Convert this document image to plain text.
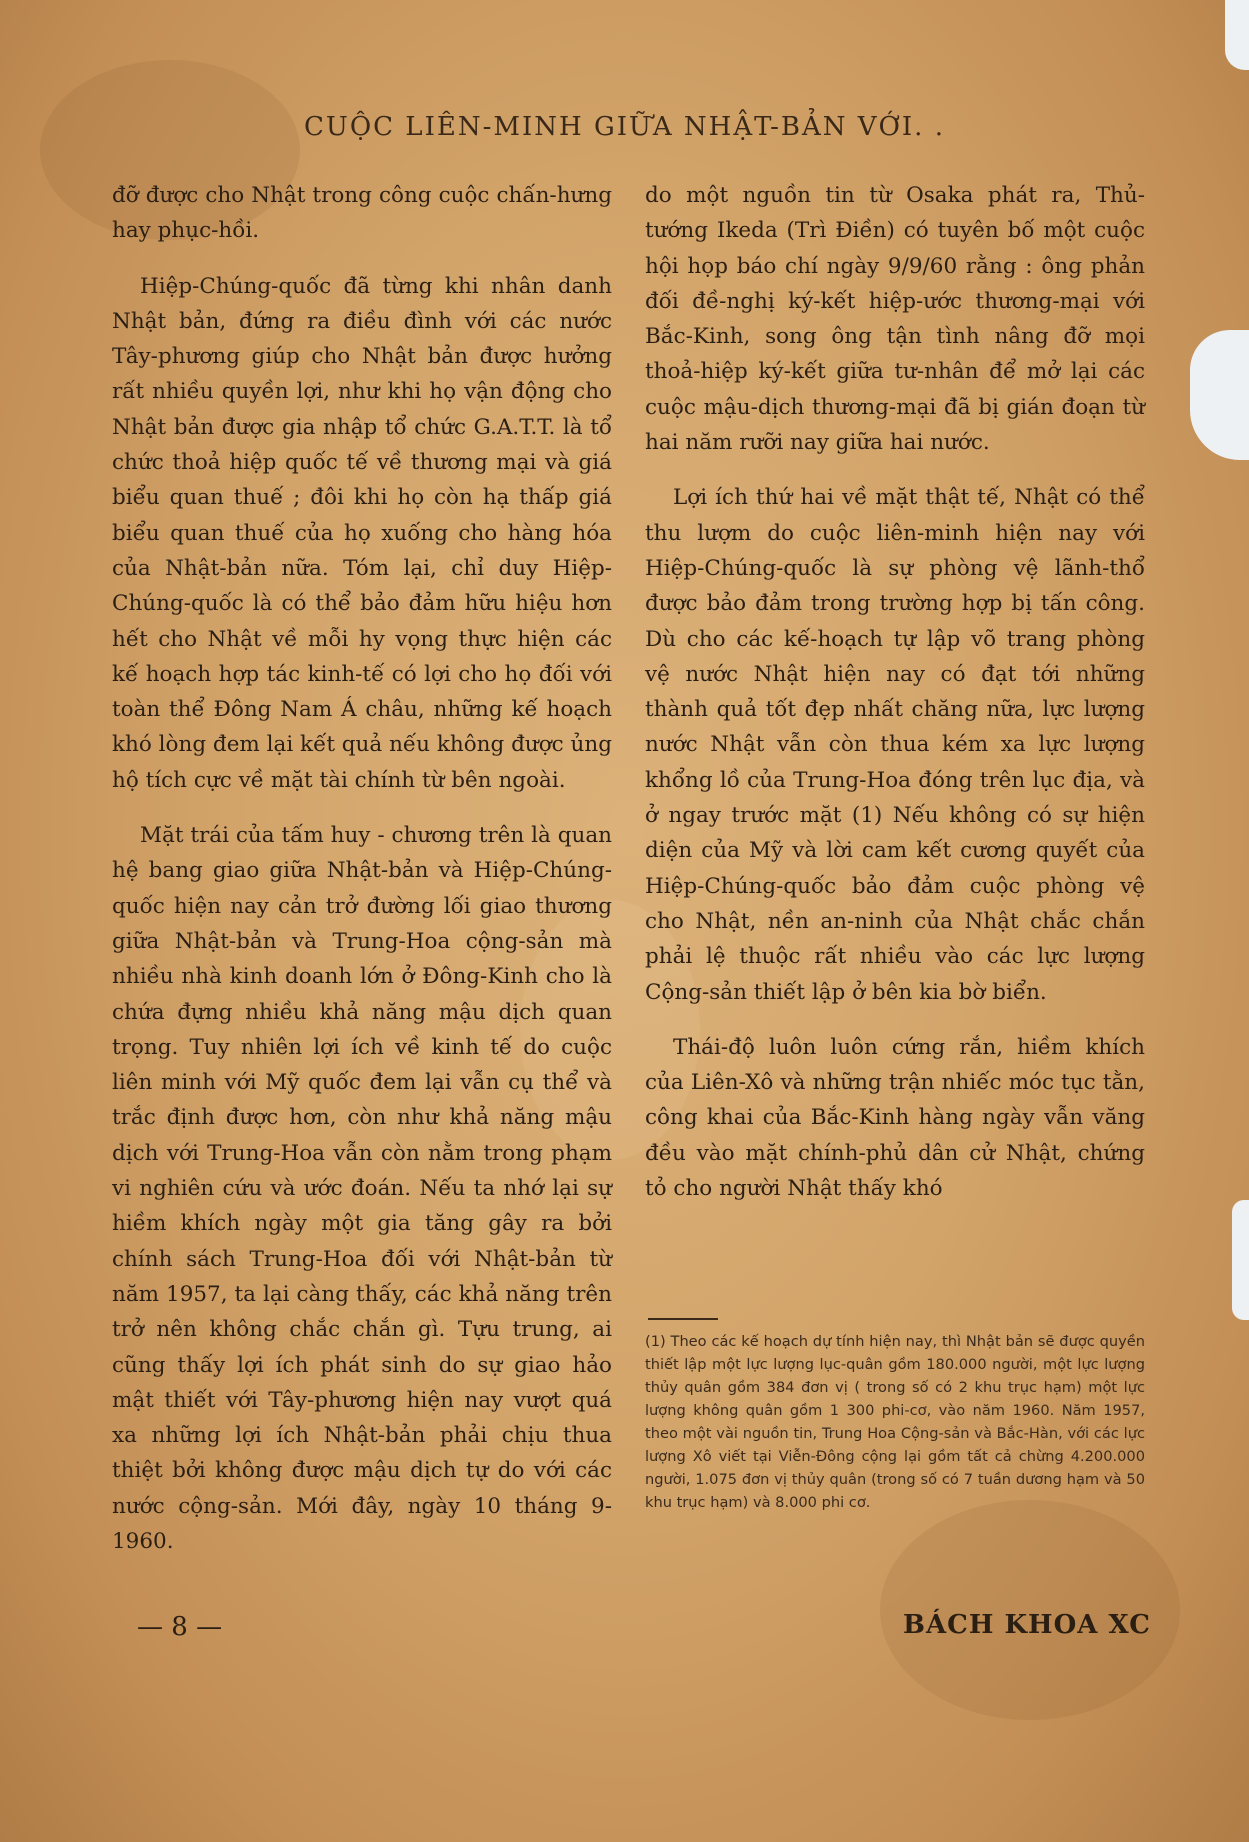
CUỘC LIÊN-MINH GIỮA NHẬT-BẢN VỚI. .

đỡ được cho Nhật trong công cuộc chấn-hưng hay phục-hồi.

Hiệp-Chúng-quốc đã từng khi nhân danh Nhật bản, đứng ra điều đình với các nước Tây-phương giúp cho Nhật bản được hưởng rất nhiều quyền lợi, như khi họ vận động cho Nhật bản được gia nhập tổ chức G.A.T.T. là tổ chức thoả hiệp quốc tế về thương mại và giá biểu quan thuế ; đôi khi họ còn hạ thấp giá biểu quan thuế của họ xuống cho hàng hóa của Nhật-bản nữa. Tóm lại, chỉ duy Hiệp-Chúng-quốc là có thể bảo đảm hữu hiệu hơn hết cho Nhật về mỗi hy vọng thực hiện các kế hoạch hợp tác kinh-tế có lợi cho họ đối với toàn thể Đông Nam Á châu, những kế hoạch khó lòng đem lại kết quả nếu không được ủng hộ tích cực về mặt tài chính từ bên ngoài.

Mặt trái của tấm huy - chương trên là quan hệ bang giao giữa Nhật-bản và Hiệp-Chúng-quốc hiện nay cản trở đường lối giao thương giữa Nhật-bản và Trung-Hoa cộng-sản mà nhiều nhà kinh doanh lớn ở Đông-Kinh cho là chứa đựng nhiều khả năng mậu dịch quan trọng. Tuy nhiên lợi ích về kinh tế do cuộc liên minh với Mỹ quốc đem lại vẫn cụ thể và trắc định được hơn, còn như khả năng mậu dịch với Trung-Hoa vẫn còn nằm trong phạm vi nghiên cứu và ước đoán. Nếu ta nhớ lại sự hiềm khích ngày một gia tăng gây ra bởi chính sách Trung-Hoa đối với Nhật-bản từ năm 1957, ta lại càng thấy, các khả năng trên trở nên không chắc chắn gì. Tựu trung, ai cũng thấy lợi ích phát sinh do sự giao hảo mật thiết với Tây-phương hiện nay vượt quá xa những lợi ích Nhật-bản phải chịu thua thiệt bởi không được mậu dịch tự do với các nước cộng-sản. Mới đây, ngày 10 tháng 9-1960.

do một nguồn tin từ Osaka phát ra, Thủ-tướng Ikeda (Trì Điền) có tuyên bố một cuộc hội họp báo chí ngày 9/9/60 rằng : ông phản đối đề-nghị ký-kết hiệp-ước thương-mại với Bắc-Kinh, song ông tận tình nâng đỡ mọi thoả-hiệp ký-kết giữa tư-nhân để mở lại các cuộc mậu-dịch thương-mại đã bị gián đoạn từ hai năm rưỡi nay giữa hai nước.

Lợi ích thứ hai về mặt thật tế, Nhật có thể thu lượm do cuộc liên-minh hiện nay với Hiệp-Chúng-quốc là sự phòng vệ lãnh-thổ được bảo đảm trong trường hợp bị tấn công. Dù cho các kế-hoạch tự lập võ trang phòng vệ nước Nhật hiện nay có đạt tới những thành quả tốt đẹp nhất chăng nữa, lực lượng nước Nhật vẫn còn thua kém xa lực lượng khổng lồ của Trung-Hoa đóng trên lục địa, và ở ngay trước mặt (1) Nếu không có sự hiện diện của Mỹ và lời cam kết cương quyết của Hiệp-Chúng-quốc bảo đảm cuộc phòng vệ cho Nhật, nền an-ninh của Nhật chắc chắn phải lệ thuộc rất nhiều vào các lực lượng Cộng-sản thiết lập ở bên kia bờ biển.

Thái-độ luôn luôn cứng rắn, hiềm khích của Liên-Xô và những trận nhiếc móc tục tằn, công khai của Bắc-Kinh hàng ngày vẫn văng đều vào mặt chính-phủ dân cử Nhật, chứng tỏ cho người Nhật thấy khó

(1) Theo các kế hoạch dự tính hiện nay, thì Nhật bản sẽ được quyền thiết lập một lực lượng lục-quân gồm 180.000 người, một lực lượng thủy quân gồm 384 đơn vị ( trong số có 2 khu trục hạm) một lực lượng không quân gồm 1 300 phi-cơ, vào năm 1960. Năm 1957, theo một vài nguồn tin, Trung Hoa Cộng-sản và Bắc-Hàn, với các lực lượng Xô viết tại Viễn-Đông cộng lại gồm tất cả chừng 4.200.000 người, 1.075 đơn vị thủy quân (trong số có 7 tuần dương hạm và 50 khu trục hạm) và 8.000 phi cơ.
— 8 —	BÁCH KHOA XC
